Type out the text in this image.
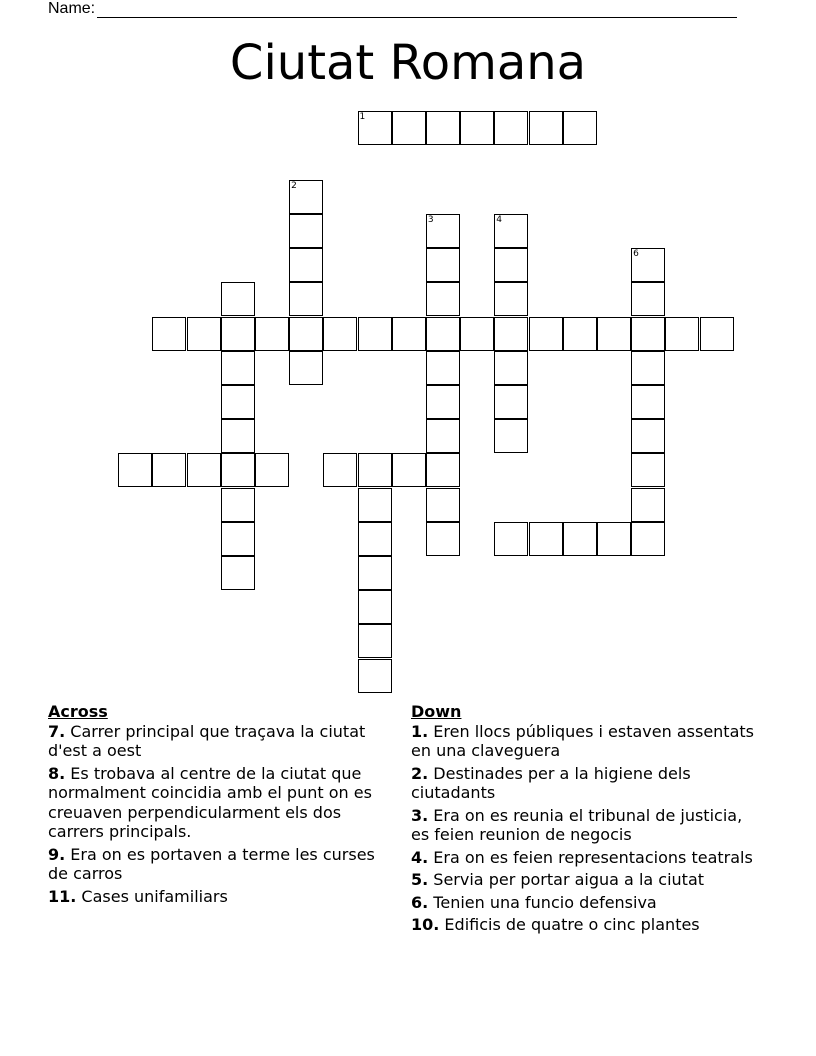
Name:
Ciutat Romana
1
2
3	4
6
Across
7. Carrer principal que traçava la ciutat d'est a oest
8. Es trobava al centre de la ciutat que normalment coincidia amb el punt on es creuaven perpendicularment els dos carrers principals.
9. Era on es portaven a terme les curses de carros
11. Cases unifamiliars
Down
1. Eren llocs públiques i estaven assentats en una claveguera
2. Destinades per a la higiene dels ciutadants
3. Era on es reunia el tribunal de justicia, es feien reunion de negocis
4. Era on es feien representacions teatrals
5. Servia per portar aigua a la ciutat
6. Tenien una funcio defensiva
10. Edificis de quatre o cinc plantes
